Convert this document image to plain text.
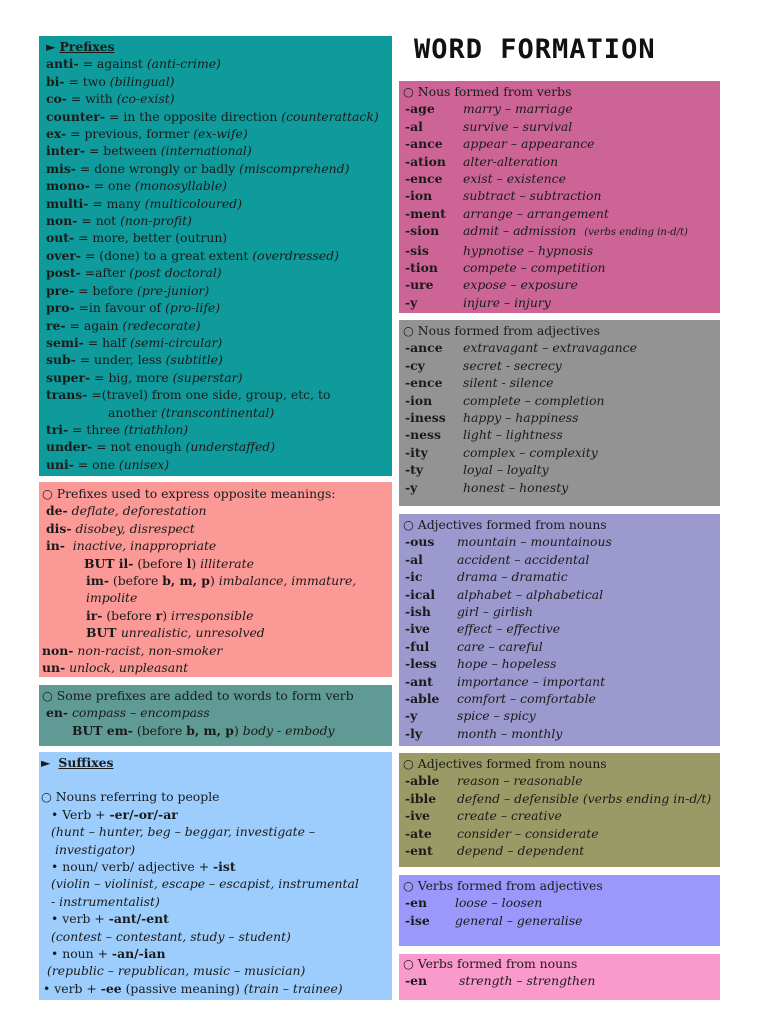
WORD FORMATION
► Prefixes
anti- = against (anti-crime)
bi- = two (bilingual)
co- = with (co-exist)
counter- = in the opposite direction (counterattack)
ex- = previous, former (ex-wife)
inter- = between (international)
mis- = done wrongly or badly (miscomprehend)
mono- = one (monosyllable)
multi- = many (multicoloured)
non- = not (non-profit)
out- = more, better (outrun)
over- = (done) to a great extent (overdressed)
post- =after (post doctoral)
pre- = before (pre-junior)
pro- =in favour of (pro-life)
re- = again (redecorate)
semi- = half (semi-circular)
sub- = under, less (subtitle)
super- = big, more (superstar)
trans- =(travel) from one side, group, etc, to
another (transcontinental)
tri- = three (triathlon)
under- = not enough (understaffed)
uni- = one (unisex)
○ Prefixes used to express opposite meanings:
de- deflate, deforestation
dis- disobey, disrespect
in- inactive, inappropriate
BUT il- (before l) illiterate
im- (before b, m, p) imbalance, immature,
impolite
ir- (before r) irresponsible
BUT unrealistic, unresolved
non- non-racist, non-smoker
un- unlock, unpleasant
○ Some prefixes are added to words to form verb
en- compass – encompass
BUT em- (before b, m, p) body - embody
► Suffixes
○ Nouns referring to people
• Verb + -er/-or/-ar
(hunt – hunter, beg – beggar, investigate –
investigator)
• noun/ verb/ adjective + -ist
(violin – violinist, escape – escapist, instrumental
- instrumentalist)
• verb + -ant/-ent
(contest – contestant, study – student)
• noun + -an/-ian
(republic – republican, music – musician)
• verb + -ee (passive meaning) (train – trainee)
○ Nous formed from verbs
-age marry – marriage
-al	survive – survival
-ance appear – appearance
-ation alter-alteration
-ence exist – existence
-ion subtract – subtraction
-ment arrange – arrangement
-sion admit – admission (verbs ending in-d/t)
-sis	hypnotise – hypnosis
-tion compete – competition
-ure expose – exposure
-y	injure – injury
○ Nous formed from adjectives
-ance extravagant – extravagance
-cy	secret - secrecy
-ence silent - silence
-ion complete – completion
-iness happy – happiness
-ness light – lightness
-ity	complex – complexity
-ty	loyal – loyalty
-y	honest – honesty
○ Adjectives formed from nouns
-ous mountain – mountainous
-al	accident – accidental
-ic	drama – dramatic
-ical alphabet – alphabetical
-ish girl – girlish
-ive effect – effective
-ful care – careful
-less hope – hopeless
-ant importance – important
-able comfort – comfortable
-y	spice – spicy
-ly	month – monthly
○ Adjectives formed from nouns
-able reason – reasonable
-ible defend – defensible (verbs ending in-d/t)
-ive create – creative
-ate consider – considerate
-ent depend – dependent
○ Verbs formed from adjectives
-en loose – loosen
-ise general – generalise
○ Verbs formed from nouns
-en	strength – strengthen
